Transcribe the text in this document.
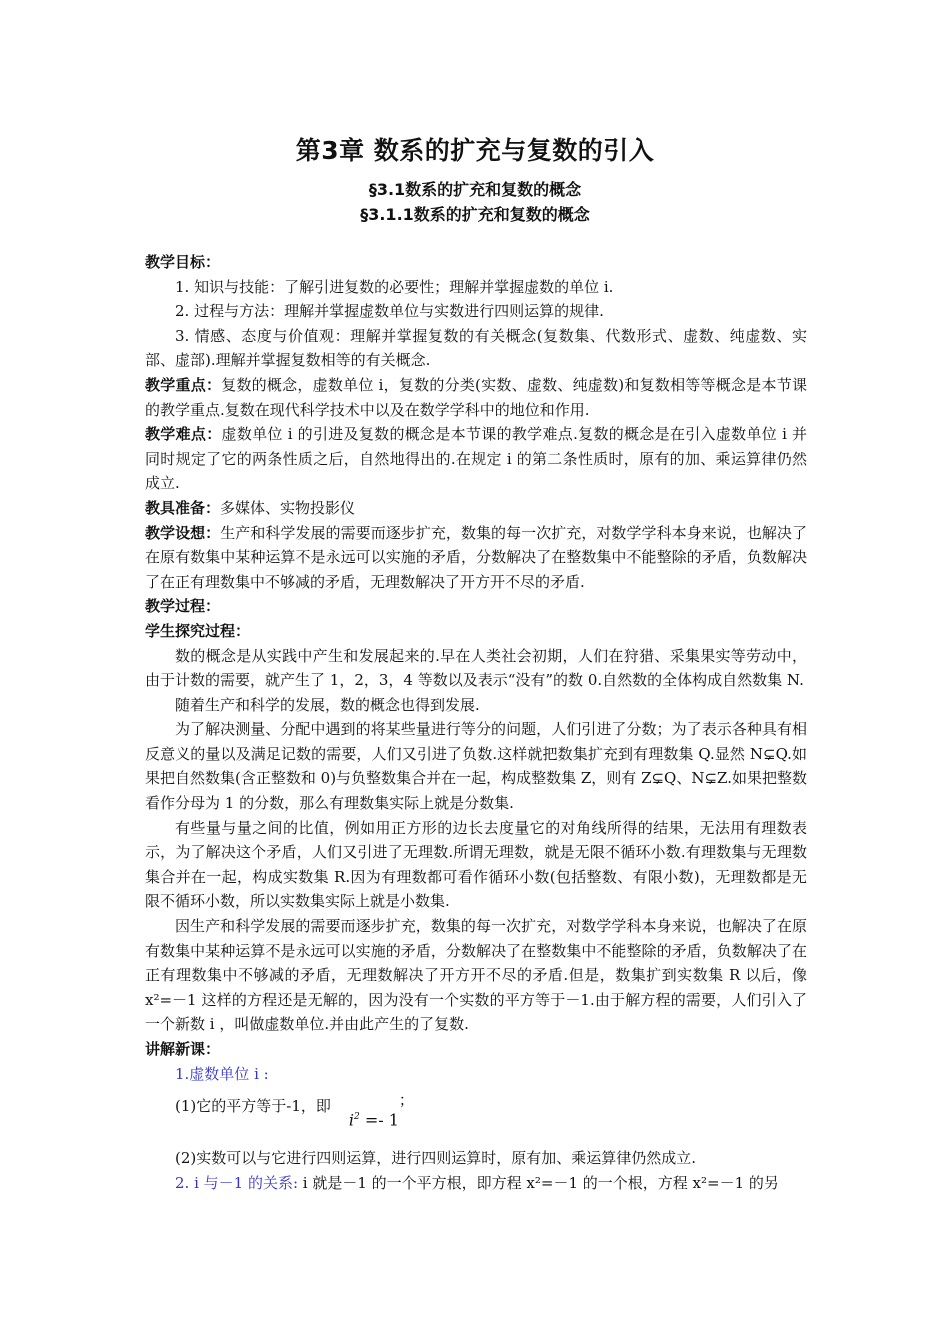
第3章 数系的扩充与复数的引入
§3.1数系的扩充和复数的概念
§3.1.1数系的扩充和复数的概念

教学目标：

1. 知识与技能：了解引进复数的必要性；理解并掌握虚数的单位 i.

2. 过程与方法：理解并掌握虚数单位与实数进行四则运算的规律.

3. 情感、态度与价值观：理解并掌握复数的有关概念(复数集、代数形式、虚数、纯虚数、实部、虚部).理解并掌握复数相等的有关概念.

教学重点：复数的概念，虚数单位 i，复数的分类(实数、虚数、纯虚数)和复数相等等概念是本节课的教学重点.复数在现代科学技术中以及在数学学科中的地位和作用.

教学难点：虚数单位 i 的引进及复数的概念是本节课的教学难点.复数的概念是在引入虚数单位 i 并同时规定了它的两条性质之后，自然地得出的.在规定 i 的第二条性质时，原有的加、乘运算律仍然成立.

教具准备：多媒体、实物投影仪

教学设想：生产和科学发展的需要而逐步扩充，数集的每一次扩充，对数学学科本身来说，也解决了在原有数集中某种运算不是永远可以实施的矛盾，分数解决了在整数集中不能整除的矛盾，负数解决了在正有理数集中不够减的矛盾，无理数解决了开方开不尽的矛盾.

教学过程：

学生探究过程：

数的概念是从实践中产生和发展起来的.早在人类社会初期，人们在狩猎、采集果实等劳动中，由于计数的需要，就产生了 1，2，3，4 等数以及表示“没有”的数 0.自然数的全体构成自然数集 N.

随着生产和科学的发展，数的概念也得到发展.

为了解决测量、分配中遇到的将某些量进行等分的问题，人们引进了分数；为了表示各种具有相反意义的量以及满足记数的需要，人们又引进了负数.这样就把数集扩充到有理数集 Q.显然 N⊊Q.如果把自然数集(含正整数和 0)与负整数集合并在一起，构成整数集 Z，则有 Z⊊Q、N⊊Z.如果把整数看作分母为 1 的分数，那么有理数集实际上就是分数集.

有些量与量之间的比值，例如用正方形的边长去度量它的对角线所得的结果，无法用有理数表示，为了解决这个矛盾，人们又引进了无理数.所谓无理数，就是无限不循环小数.有理数集与无理数集合并在一起，构成实数集 R.因为有理数都可看作循环小数(包括整数、有限小数)，无理数都是无限不循环小数，所以实数集实际上就是小数集.

因生产和科学发展的需要而逐步扩充，数集的每一次扩充，对数学学科本身来说，也解决了在原有数集中某种运算不是永远可以实施的矛盾，分数解决了在整数集中不能整除的矛盾，负数解决了在正有理数集中不够减的矛盾，无理数解决了开方开不尽的矛盾.但是，数集扩到实数集 R 以后，像 x²=－1 这样的方程还是无解的，因为没有一个实数的平方等于－1.由于解方程的需要，人们引入了一个新数 i ，叫做虚数单位.并由此产生的了复数.

讲解新课：

1.虚数单位 i :

(1)它的平方等于-1，即$i^2 =- 1$；

(2)实数可以与它进行四则运算，进行四则运算时，原有加、乘运算律仍然成立.

2. i 与－1 的关系: i 就是－1 的一个平方根，即方程 x²=－1 的一个根，方程 x²=－1 的另
